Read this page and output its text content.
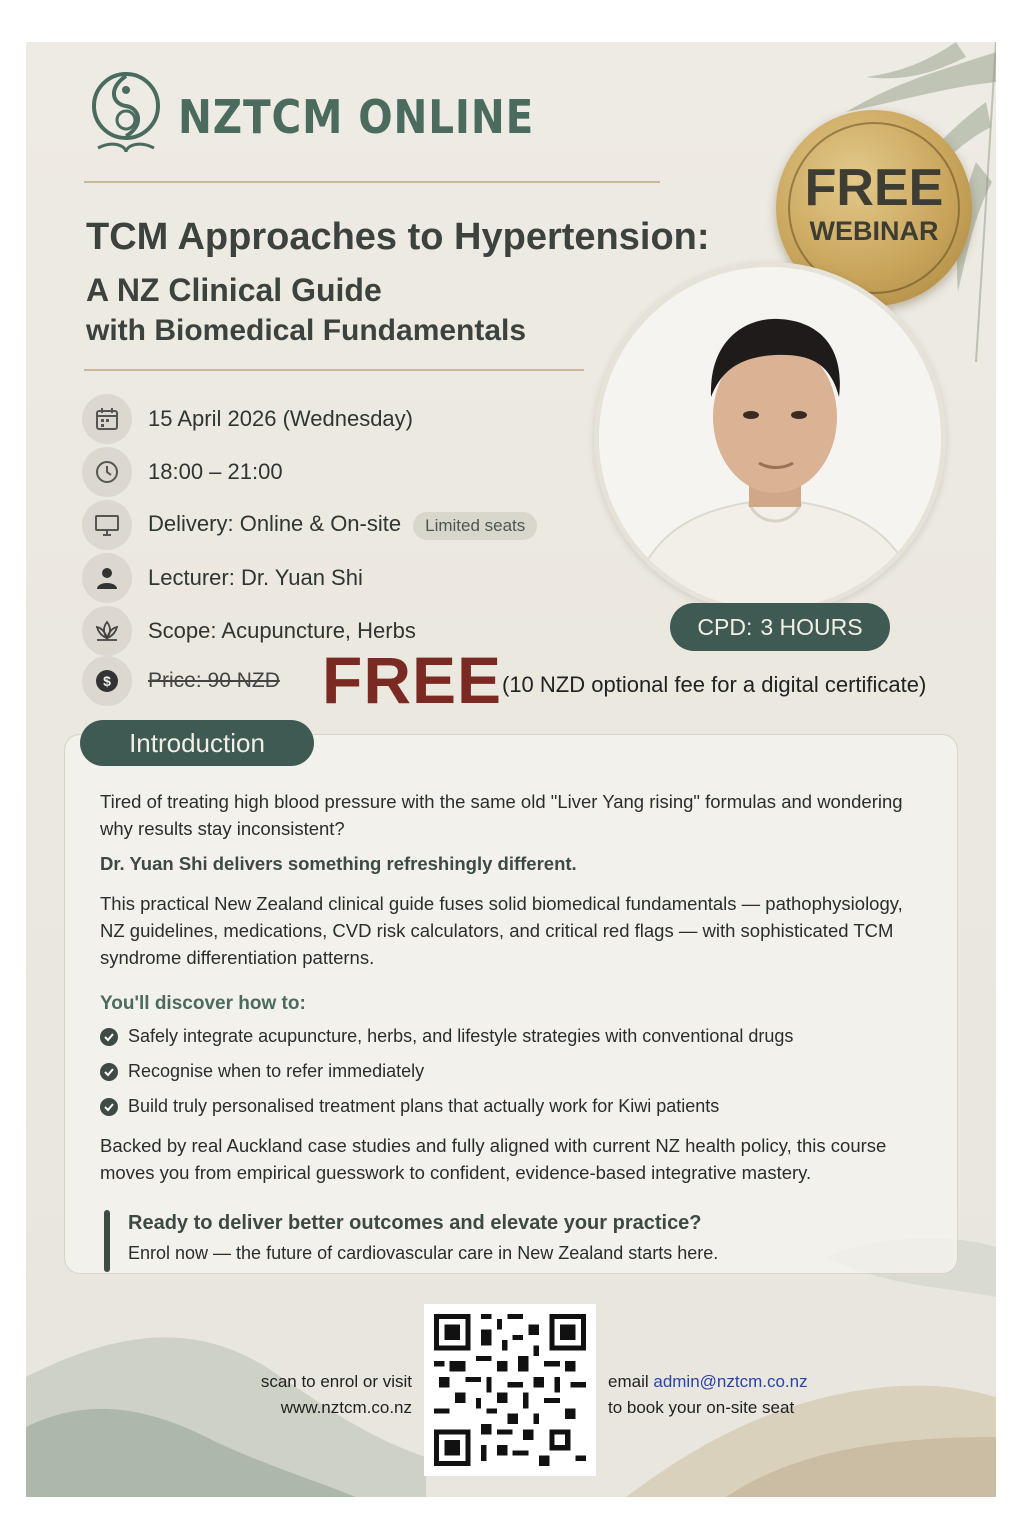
NZTCM ONLINE
FREE
WEBINAR
TCM Approaches to Hypertension:
A NZ Clinical Guide
with Biomedical Fundamentals
CPD: 3 HOURS
15 April 2026 (Wednesday)
18:00 – 21:00
Delivery: Online & On-site Limited seats
Lecturer: Dr. Yuan Shi
Scope: Acupuncture, Herbs
$ Price: 90 NZD FREE (10 NZD optional fee for a digital certificate)
Introduction
Tired of treating high blood pressure with the same old "Liver Yang rising" formulas and wondering why results stay inconsistent?
Dr. Yuan Shi delivers something refreshingly different.
This practical New Zealand clinical guide fuses solid biomedical fundamentals — pathophysiology, NZ guidelines, medications, CVD risk calculators, and critical red flags — with sophisticated TCM syndrome differentiation patterns.
You'll discover how to:
Safely integrate acupuncture, herbs, and lifestyle strategies with conventional drugs
Recognise when to refer immediately
Build truly personalised treatment plans that actually work for Kiwi patients
Backed by real Auckland case studies and fully aligned with current NZ health policy, this course moves you from empirical guesswork to confident, evidence-based integrative mastery.
Ready to deliver better outcomes and elevate your practice?
Enrol now — the future of cardiovascular care in New Zealand starts here.
scan to enrol or visit
www.nztcm.co.nz
email admin@nztcm.co.nz
to book your on-site seat
